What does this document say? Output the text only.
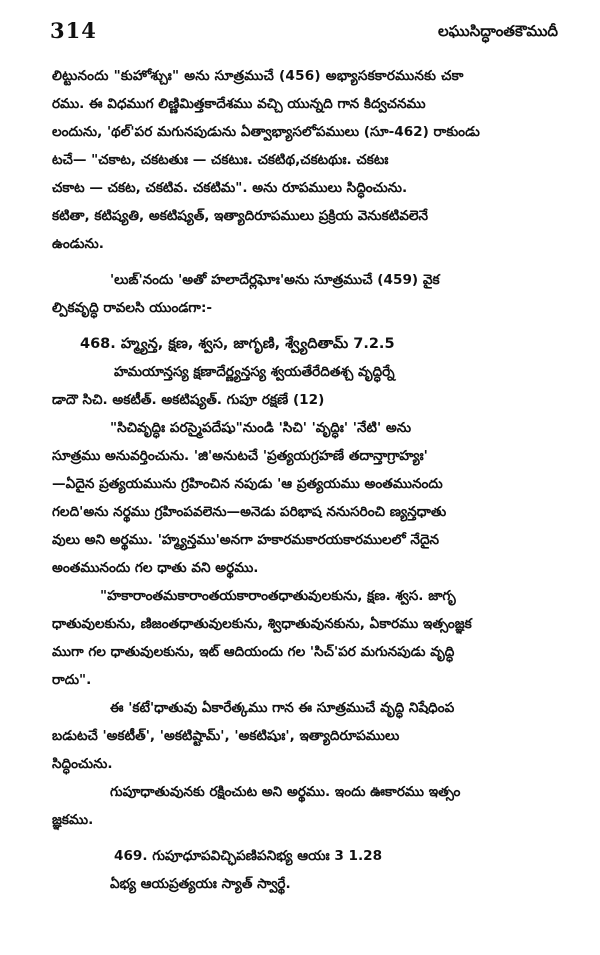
314	లఘుసిద్ధాంతకౌముదీ
లిట్టునందు "కుహోశ్చుః" అను సూత్రముచే (456) అభ్యాసకకారమునకు చకా
రము. ఈ విధముగ లిణ్ణిమిత్తకాదేశము వచ్చి యున్నది గాన కిద్వచనము
లందును, 'థల్'పర మగునపుడును ఏత్వాభ్యాసలోపములు (సూ-462) రాకుండు
టచే— "చకాట, చకటతుః — చకటుః. చకటిథ,చకటథుః. చకటః
చకాట — చకట, చకటివ. చకటిమ". అను రూపములు సిద్ధించును.
కటితా, కటిష్యతి, అకటిష్యత్, ఇత్యాదిరూపములు ప్రక్రియ వెనుకటివలెనే
ఉండును.
'లుఙ్'నందు 'అతో హలాదేర్లఘోః'అను సూత్రముచే (459) వైక
ల్పికవృద్ధి రావలసి యుండగా:-
468. హ్మ్యన్త, క్షణ, శ్వస, జాగృణి, శ్వ్యేదితామ్ 7.2.5
హమయాన్తస్య క్షణాదేర్ణ్యన్తస్య శ్వయతేరేదితశ్చ వృద్ధిర్నే
డాదౌ సిచి. అకటీత్. అకటిష్యత్. గుపూ రక్షణే (12)
"సిచివృద్ధిః పరస్మైపదేషు"నుండి 'సిచి' 'వృద్ధిః' 'నేటి' అను
సూత్రము అనువర్తించును. 'జి'అనుటచే 'ప్రత్యయగ్రహణే తదాన్తాగ్రాహ్యః'
—ఏదైన ప్రత్యయమును గ్రహించిన నపుడు 'ఆ ప్రత్యయము అంతమునందు
గలది'అను నర్థము గ్రహింపవలెను—అనెడు పరిభాష ననుసరించి ణ్యన్తధాతు
వులు అని అర్థము. 'హ్మ్యన్తము'అనగా హకారమకారయకారములలో నేదైన
అంతమునందు గల ధాతు వని అర్థము.
"హకారాంతమకారాంతయకారాంతధాతువులకును, క్షణ. శ్వస. జాగృ
ధాతువులకును, ణిజంతధాతువులకును, శ్విధాతువునకును, ఏకారము ఇత్సంజ్ఞక
ముగా గల ధాతువులకును, ఇట్ ఆదియందు గల 'సిచ్'పర మగునపుడు వృద్ధి
రాదు".
ఈ 'కటే'ధాతువు ఏకారేత్కము గాన ఈ సూత్రముచే వృద్ధి నిషేధింప
బడుటచే 'అకటీత్', 'అకటిష్టామ్', 'అకటిషుః', ఇత్యాదిరూపములు
సిద్ధించును.
గుపూధాతువునకు రక్షించుట అని అర్థము. ఇందు ఊకారము ఇత్సం
జ్ఞకము.
469. గుపూధూపవిచ్ఛిపణిపనిభ్య ఆయః 3 1.28
ఏభ్య ఆయప్రత్యయః స్యాత్ స్వార్థే.
